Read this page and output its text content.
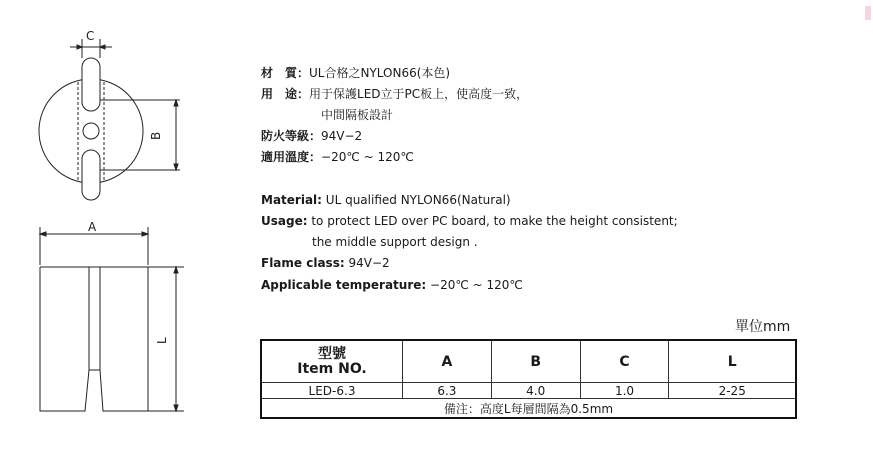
C
B
A
L
材　質：UL合格之NYLON66(本色)
用　途：用于保護LED立于PC板上，使高度一致，
中間隔板設計
防火等級：94V−2
適用溫度：−20℃ ~ 120℃
Material: UL qualified NYLON66(Natural)
Usage: to protect LED over PC board, to make the height consistent;
the middle support design .
Flame class: 94V−2
Applicable temperature: −20℃ ~ 120℃
單位mm
型號
Item NO.	A	B	C	L
LED-6.3	6.3	4.0	1.0	2-25
備注：高度L每層間隔為0.5mm				
